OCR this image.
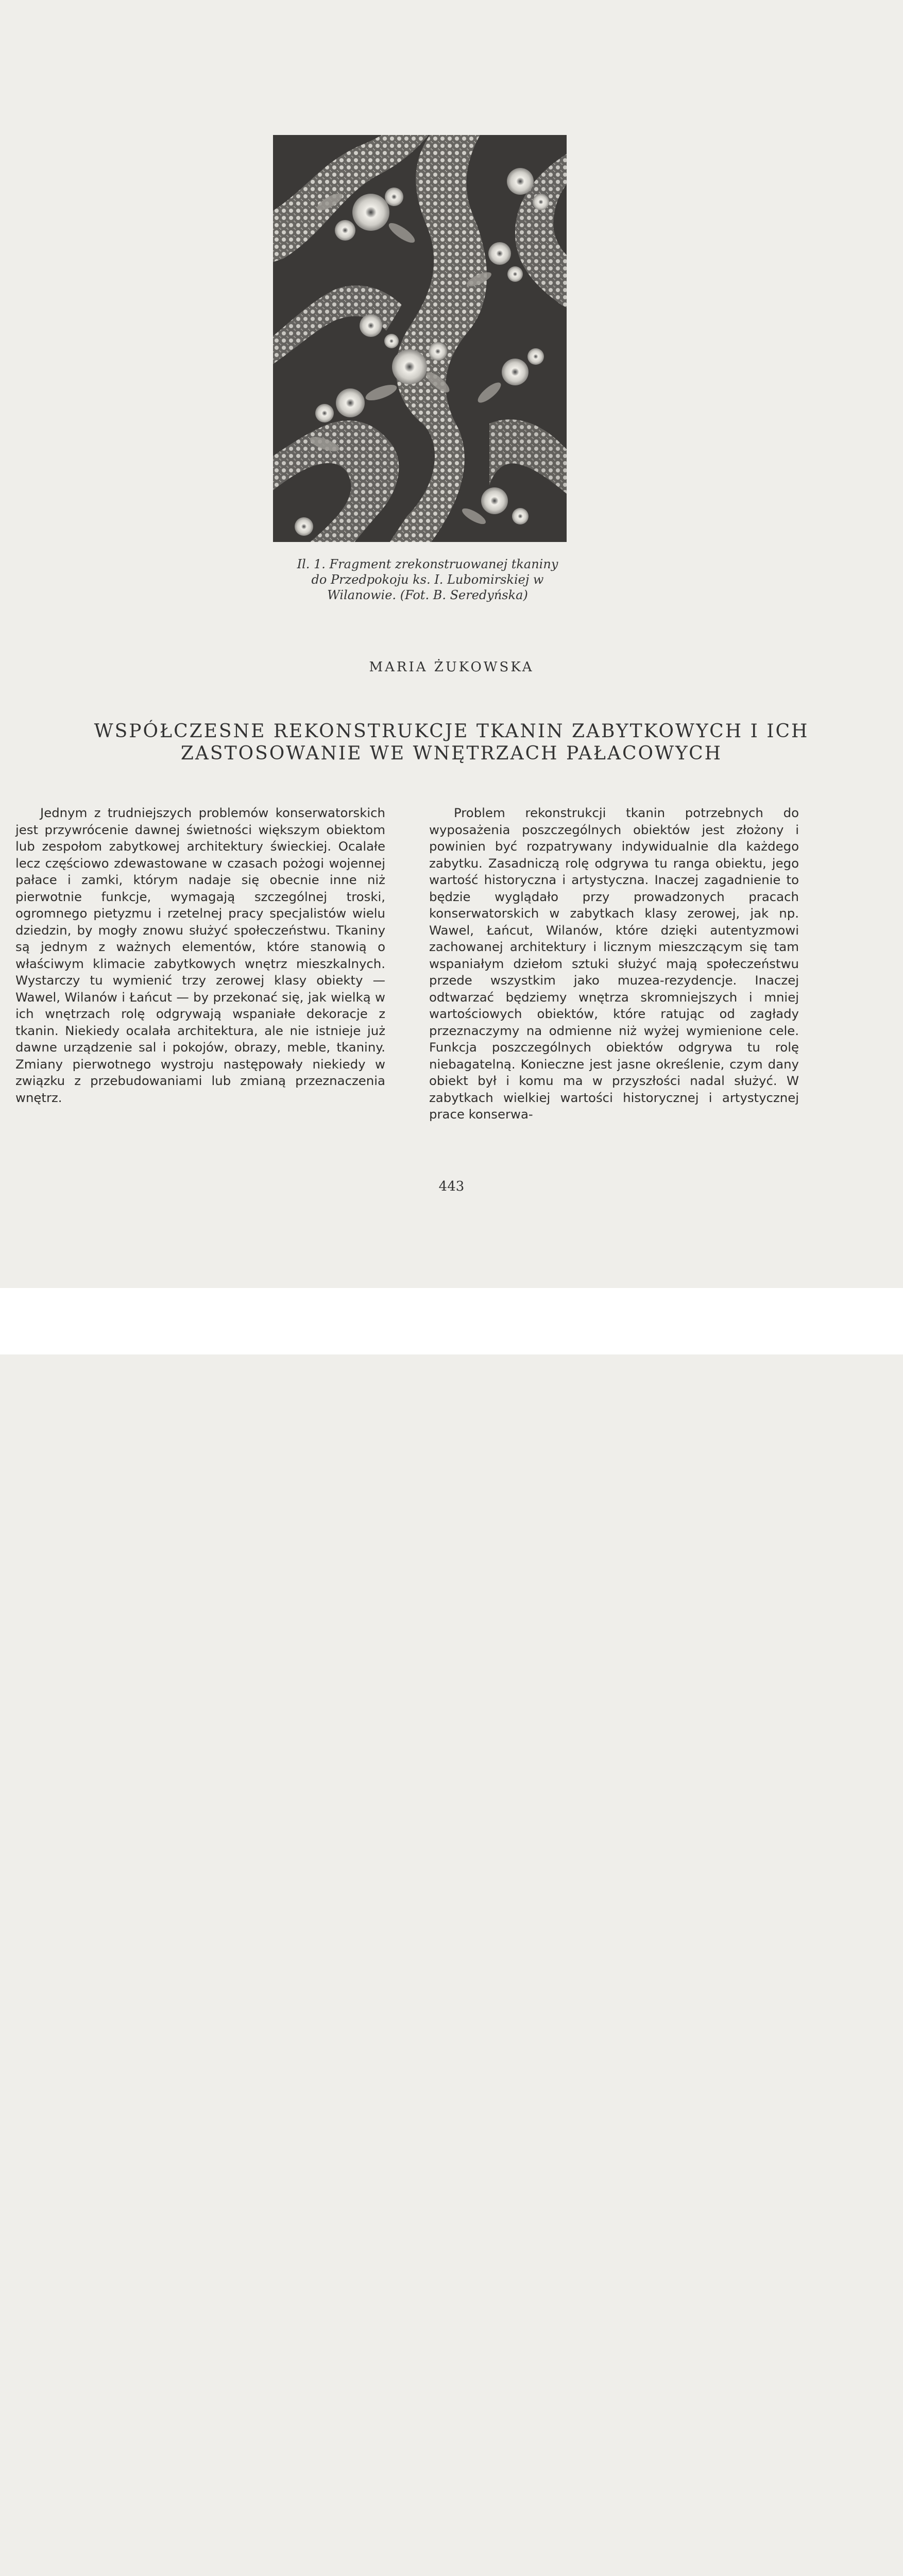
Il. 1. Fragment zrekonstruowanej tkaniny
do Przedpokoju ks. I. Lubomirskiej w
Wilanowie. (Fot. B. Seredyńska)
MARIA ŻUKOWSKA
WSPÓŁCZESNE REKONSTRUKCJE TKANIN ZABYTKOWYCH I ICH
ZASTOSOWANIE WE WNĘTRZACH PAŁACOWYCH

Jednym z trudniejszych problemów konserwatorskich jest przywrócenie dawnej świetności większym obiektom lub zespołom zabytkowej architektury świeckiej. Ocalałe lecz częściowo zdewastowane w czasach pożogi wojennej pałace i zamki, którym nadaje się obecnie inne niż pierwotnie funkcje, wymagają szczególnej troski, ogromnego pietyzmu i rzetelnej pracy specjalistów wielu dziedzin, by mogły znowu służyć społeczeństwu. Tkaniny są jednym z ważnych elementów, które stanowią o właściwym klimacie zabytkowych wnętrz mieszkalnych. Wystarczy tu wymienić trzy zerowej klasy obiekty — Wawel, Wilanów i Łańcut — by przekonać się, jak wielką w ich wnętrzach rolę odgrywają wspaniałe dekoracje z tkanin. Niekiedy ocalała architektura, ale nie istnieje już dawne urządzenie sal i pokojów, obrazy, meble, tkaniny. Zmiany pierwotnego wystroju następowały niekiedy w związku z przebudowaniami lub zmianą przeznaczenia wnętrz.

Problem rekonstrukcji tkanin potrzebnych do wyposażenia poszczególnych obiektów jest złożony i powinien być rozpatrywany indywidualnie dla każdego zabytku. Zasadniczą rolę odgrywa tu ranga obiektu, jego wartość historyczna i artystyczna. Inaczej zagadnienie to będzie wyglądało przy prowadzonych pracach konserwatorskich w zabytkach klasy zerowej, jak np. Wawel, Łańcut, Wilanów, które dzięki autentyzmowi zachowanej architektury i licznym mieszczącym się tam wspaniałym dziełom sztuki służyć mają społeczeństwu przede wszystkim jako muzea-rezydencje. Inaczej odtwarzać będziemy wnętrza skromniejszych i mniej wartościowych obiektów, które ratując od zagłady przeznaczymy na odmienne niż wyżej wymienione cele. Funkcja poszczególnych obiektów odgrywa tu rolę niebagatelną. Konieczne jest jasne określenie, czym dany obiekt był i komu ma w przyszłości nadal służyć. W zabytkach wielkiej wartości historycznej i artystycznej prace konserwa-

443
